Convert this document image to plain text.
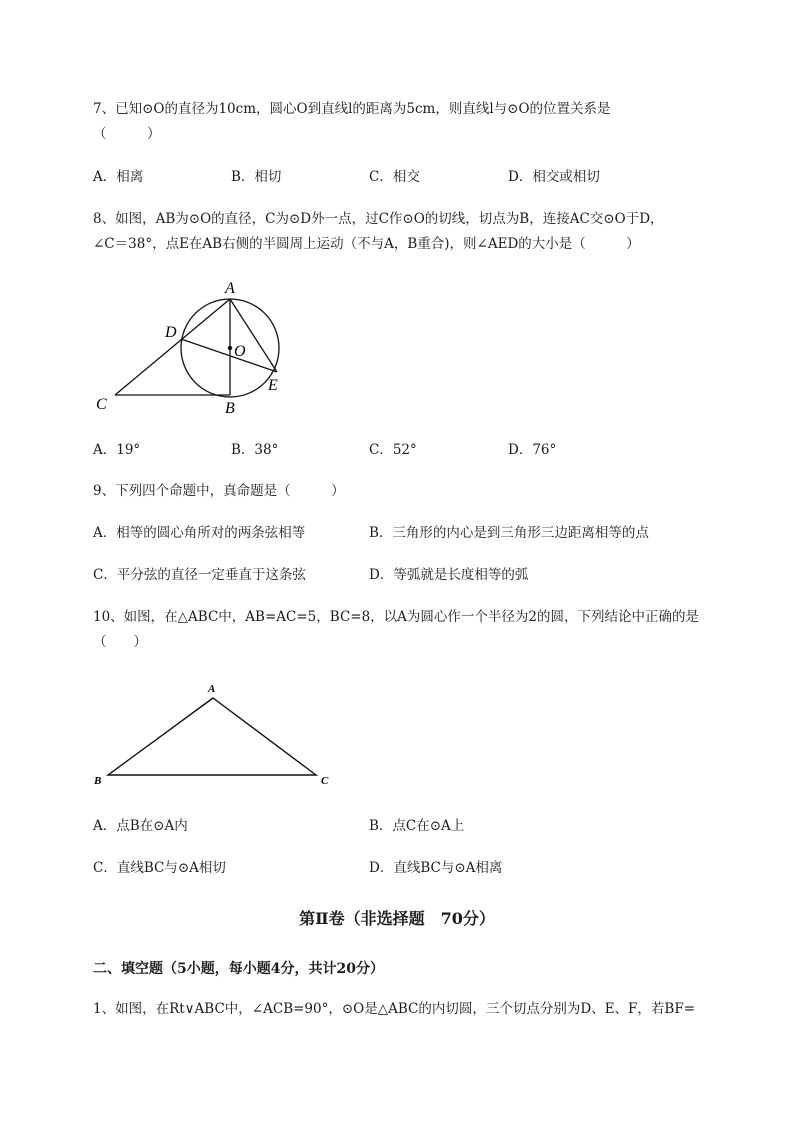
7、已知⊙O的直径为10cm，圆心O到直线l的距离为5cm，则直线l与⊙O的位置关系是
（　　　）
A．相离	B．相切	C．相交	D．相交或相切
8、如图，AB为⊙O的直径，C为⊙D外一点，过C作⊙O的切线，切点为B，连接AC交⊙O于D，
∠C＝38°，点E在AB右侧的半圆周上运动（不与A，B重合)，则∠AED的大小是（　　　）
A
D
O
E
C	B
A．19°	B．38°	C．52°	D．76°
9、下列四个命题中，真命题是（　　　）
A．相等的圆心角所对的两条弦相等	B．三角形的内心是到三角形三边距离相等的点
C．平分弦的直径一定垂直于这条弦	D．等弧就是长度相等的弧
10、如图，在△ABC中，AB=AC=5，BC=8，以A为圆心作一个半径为2的圆，下列结论中正确的是
（　　）
A
B	C
A．点B在⊙A内	B．点C在⊙A上
C．直线BC与⊙A相切	D．直线BC与⊙A相离
第Ⅱ卷（非选择题　70分）
二、填空题（5小题，每小题4分，共计20分）
1、如图，在Rt∨ABC中，∠ACB=90°，⊙O是△ABC的内切圆，三个切点分别为D、E、F，若BF=
